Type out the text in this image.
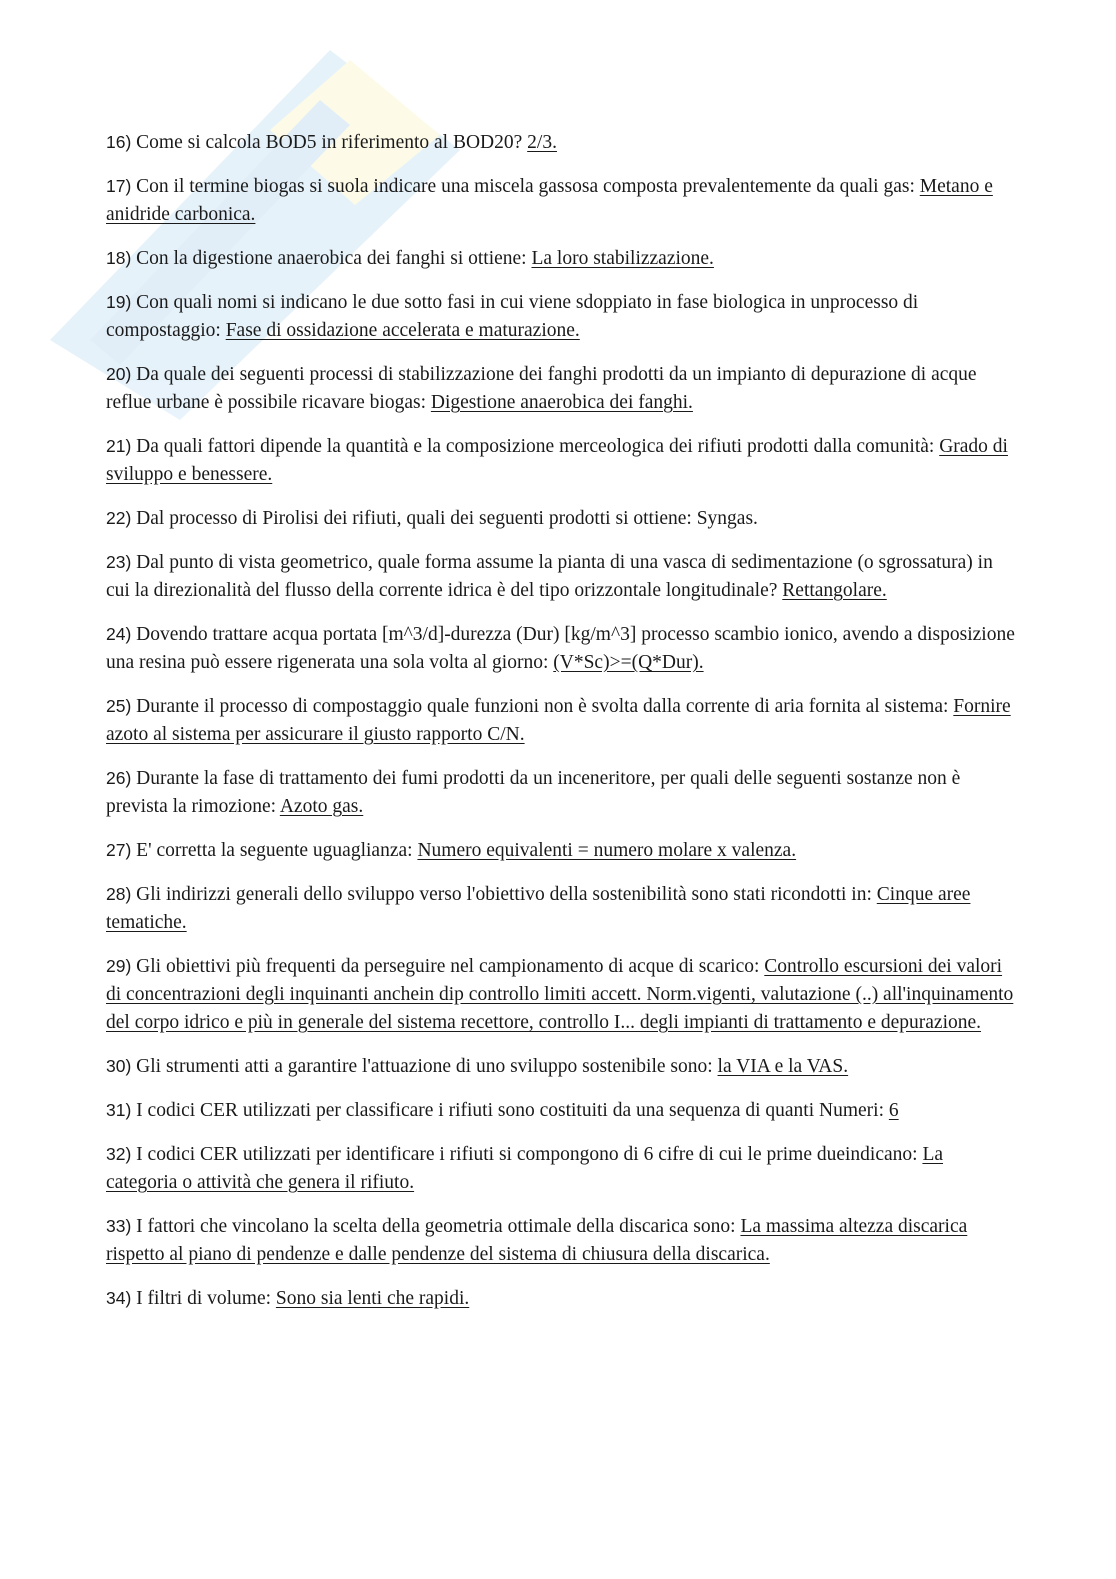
16) Come si calcola BOD5 in riferimento al BOD20? 2/3.

17) Con il termine biogas si suola indicare una miscela gassosa composta prevalentemente da quali gas: Metano e anidride carbonica.

18) Con la digestione anaerobica dei fanghi si ottiene: La loro stabilizzazione.

19) Con quali nomi si indicano le due sotto fasi in cui viene sdoppiato in fase biologica in unprocesso di compostaggio: Fase di ossidazione accelerata e maturazione.

20) Da quale dei seguenti processi di stabilizzazione dei fanghi prodotti da un impianto di depurazione di acque reflue urbane è possibile ricavare biogas: Digestione anaerobica dei fanghi.

21) Da quali fattori dipende la quantità e la composizione merceologica dei rifiuti prodotti dalla comunità: Grado di sviluppo e benessere.

22) Dal processo di Pirolisi dei rifiuti, quali dei seguenti prodotti si ottiene: Syngas.

23) Dal punto di vista geometrico, quale forma assume la pianta di una vasca di sedimentazione (o sgrossatura) in cui la direzionalità del flusso della corrente idrica è del tipo orizzontale longitudinale? Rettangolare.

24) Dovendo trattare acqua portata [m^3/d]-durezza (Dur) [kg/m^3] processo scambio ionico, avendo a disposizione una resina può essere rigenerata una sola volta al giorno: (V*Sc)>=(Q*Dur).

25) Durante il processo di compostaggio quale funzioni non è svolta dalla corrente di aria fornita al sistema: Fornire azoto al sistema per assicurare il giusto rapporto C/N.

26) Durante la fase di trattamento dei fumi prodotti da un inceneritore, per quali delle seguenti sostanze non è prevista la rimozione: Azoto gas.

27) E' corretta la seguente uguaglianza: Numero equivalenti = numero molare x valenza.

28) Gli indirizzi generali dello sviluppo verso l'obiettivo della sostenibilità sono stati ricondotti in: Cinque aree tematiche.

29) Gli obiettivi più frequenti da perseguire nel campionamento di acque di scarico: Controllo escursioni dei valori di concentrazioni degli inquinanti anchein dip controllo limiti accett. Norm.vigenti, valutazione (..) all'inquinamento del corpo idrico e più in generale del sistema recettore, controllo I... degli impianti di trattamento e depurazione.

30) Gli strumenti atti a garantire l'attuazione di uno sviluppo sostenibile sono: la VIA e la VAS.

31) I codici CER utilizzati per classificare i rifiuti sono costituiti da una sequenza di quanti Numeri: 6

32) I codici CER utilizzati per identificare i rifiuti si compongono di 6 cifre di cui le prime dueindicano: La categoria o attività che genera il rifiuto.

33) I fattori che vincolano la scelta della geometria ottimale della discarica sono: La massima altezza discarica rispetto al piano di pendenze e dalle pendenze del sistema di chiusura della discarica.

34) I filtri di volume: Sono sia lenti che rapidi.
